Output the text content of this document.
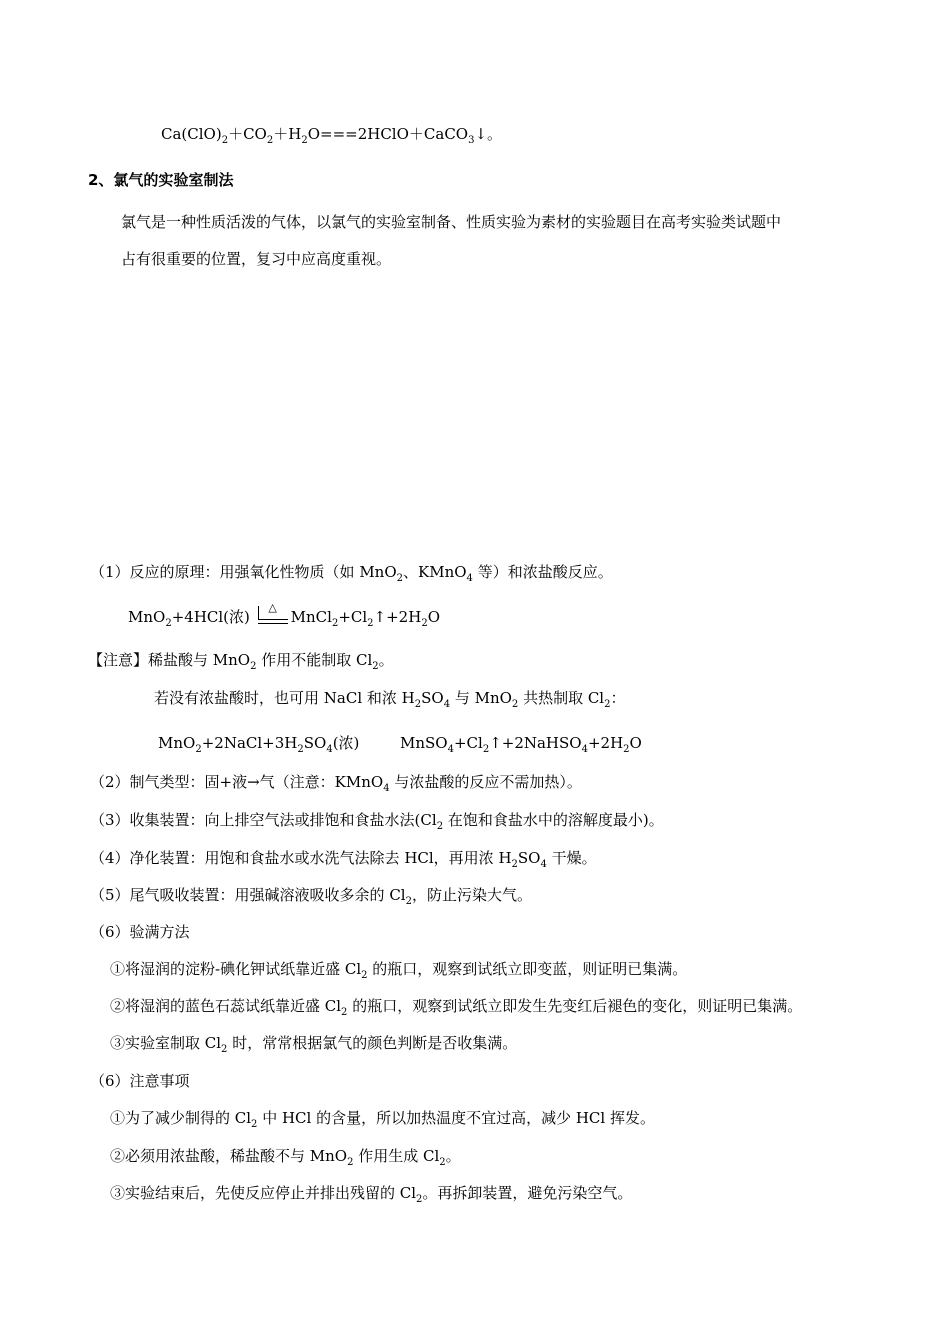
$Ca(ClO)_2+CO_2+H_2O===2HClO+CaCO_3↓$。
2、氯气的实验室制法
氯气是一种性质活泼的气体，以氯气的实验室制备、性质实验为素材的实验题目在高考实验类试题中
占有很重要的位置，复习中应高度重视。
（1）反应的原理：用强氧化性物质（如 MnO$_2$、KMnO$_4$ 等）和浓盐酸反应。
MnO$_2$+4HCl(浓)
△
$MnCl_2+Cl_2↑+2H_2O$
【注意】稀盐酸与 MnO$_2$ 作用不能制取 $Cl_2$。
若没有浓盐酸时，也可用 NaCl 和浓 $H_2SO_4$ 与 MnO$_2$ 共热制取 $Cl_2$：
$MnO_2+2NaCl+3H_2SO_4$(浓)	$MnSO_4+Cl_2↑+2NaHSO_4+2H_2O$
（2）制气类型：固+液→气（注意：KMnO$_4$ 与浓盐酸的反应不需加热）。
（3）收集装置：向上排空气法或排饱和食盐水法($Cl_2$ 在饱和食盐水中的溶解度最小)。
（4）净化装置：用饱和食盐水或水洗气法除去 HCl，再用浓 $H_2SO_4$ 干燥。
（5）尾气吸收装置：用强碱溶液吸收多余的 $Cl_2$，防止污染大气。
（6）验满方法
①将湿润的淀粉-碘化钾试纸靠近盛 $Cl_2$ 的瓶口，观察到试纸立即变蓝，则证明已集满。
②将湿润的蓝色石蕊试纸靠近盛 $Cl_2$ 的瓶口，观察到试纸立即发生先变红后褪色的变化，则证明已集满。
③实验室制取 $Cl_2$ 时，常常根据氯气的颜色判断是否收集满。
（6）注意事项
①为了减少制得的 $Cl_2$ 中 HCl 的含量，所以加热温度不宜过高，减少 HCl 挥发。
②必须用浓盐酸，稀盐酸不与 MnO$_2$ 作用生成 $Cl_2$。
③实验结束后，先使反应停止并排出残留的 $Cl_2$。再拆卸装置，避免污染空气。
